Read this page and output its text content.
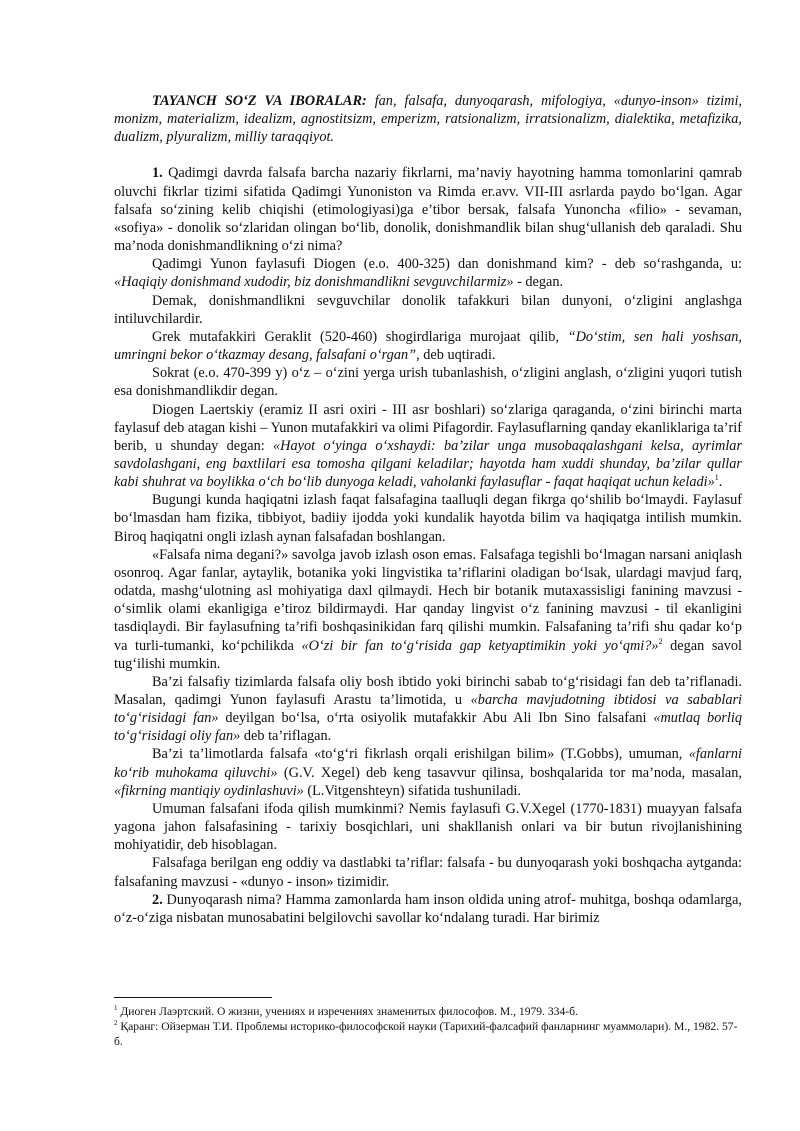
TAYANCH SO‘Z VA IBORALAR: fan, falsafa, dunyoqarash, mifologiya, «dunyo-inson» tizimi, monizm, materializm, idealizm, agnostitsizm, emperizm, ratsionalizm, irratsionalizm, dialektika, metafizika, dualizm, plyuralizm, milliy taraqqiyot.

1. Qadimgi davrda falsafa barcha nazariy fikrlarni, ma’naviy hayotning hamma tomonlarini qamrab oluvchi fikrlar tizimi sifatida Qadimgi Yunoniston va Rimda er.avv. VII-III asrlarda paydo bo‘lgan. Agar falsafa so‘zining kelib chiqishi (etimologiyasi)ga e’tibor bersak, falsafa Yunoncha «filio» - sevaman, «sofiya» - donolik so‘zlaridan olingan bo‘lib, donolik, donishmandlik bilan shug‘ullanish deb qaraladi. Shu ma’noda donishmandlikning o‘zi nima?

Qadimgi Yunon faylasufi Diogen (e.o. 400-325) dan donishmand kim? - deb so‘rashganda, u: «Haqiqiy donishmand xudodir, biz donishmandlikni sevguvchilarmiz» - degan.

Demak, donishmandlikni sevguvchilar donolik tafakkuri bilan dunyoni, o‘zligini anglashga intiluvchilardir.

Grek mutafakkiri Geraklit (520-460) shogirdlariga murojaat qilib, “Do‘stim, sen hali yoshsan, umringni bekor o‘tkazmay desang, falsafani o‘rgan”, deb uqtiradi.

Sokrat (e.o. 470-399 y) o‘z – o‘zini yerga urish tubanlashish, o‘zligini anglash, o‘zligini yuqori tutish esa donishmandlikdir degan.

Diogen Laertskiy (eramiz II asri oxiri - III asr boshlari) so‘zlariga qaraganda, o‘zini birinchi marta faylasuf deb atagan kishi – Yunon mutafakkiri va olimi Pifagordir. Faylasuflarning qanday ekanliklariga ta’rif berib, u shunday degan: «Hayot o‘yinga o‘xshaydi: ba’zilar unga musobaqalashgani kelsa, ayrimlar savdolashgani, eng baxtlilari esa tomosha qilgani keladilar; hayotda ham xuddi shunday, ba’zilar qullar kabi shuhrat va boylikka o‘ch bo‘lib dunyoga keladi, vaholanki faylasuflar - faqat haqiqat uchun keladi»$^1$.

Bugungi kunda haqiqatni izlash faqat falsafagina taalluqli degan fikrga qo‘shilib bo‘lmaydi. Faylasuf bo‘lmasdan ham fizika, tibbiyot, badiiy ijodda yoki kundalik hayotda bilim va haqiqatga intilish mumkin. Biroq haqiqatni ongli izlash aynan falsafadan boshlangan.

«Falsafa nima degani?» savolga javob izlash oson emas. Falsafaga tegishli bo‘lmagan narsani aniqlash osonroq. Agar fanlar, aytaylik, botanika yoki lingvistika ta’riflarini oladigan bo‘lsak, ulardagi mavjud farq, odatda, mashg‘ulotning asl mohiyatiga daxl qilmaydi. Hech bir botanik mutaxassisligi fanining mavzusi - o‘simlik olami ekanligiga e’tiroz bildirmaydi. Har qanday lingvist o‘z fanining mavzusi - til ekanligini tasdiqlaydi. Bir faylasufning ta’rifi boshqasinikidan farq qilishi mumkin. Falsafaning ta’rifi shu qadar ko‘p va turli-tumanki, ko‘pchilikda «O‘zi bir fan to‘g‘risida gap ketyaptimikin yoki yo‘qmi?»$^2$ degan savol tug‘ilishi mumkin.

Ba’zi falsafiy tizimlarda falsafa oliy bosh ibtido yoki birinchi sabab to‘g‘risidagi fan deb ta’riflanadi. Masalan, qadimgi Yunon faylasufi Arastu ta’limotida, u «barcha mavjudotning ibtidosi va sabablari to‘g‘risidagi fan» deyilgan bo‘lsa, o‘rta osiyolik mutafakkir Abu Ali Ibn Sino falsafani «mutlaq borliq to‘g‘risidagi oliy fan» deb ta’riflagan.

Ba’zi ta’limotlarda falsafa «to‘g‘ri fikrlash orqali erishilgan bilim» (T.Gobbs), umuman, «fanlarni ko‘rib muhokama qiluvchi» (G.V. Xegel) deb keng tasavvur qilinsa, boshqalarida tor ma’noda, masalan, «fikrning mantiqiy oydinlashuvi» (L.Vitgenshteyn) sifatida tushuniladi.

Umuman falsafani ifoda qilish mumkinmi? Nemis faylasufi G.V.Xegel (1770-1831) muayyan falsafa yagona jahon falsafasining - tarixiy bosqichlari, uni shakllanish onlari va bir butun rivojlanishining mohiyatidir, deb hisoblagan.

Falsafaga berilgan eng oddiy va dastlabki ta’riflar: falsafa - bu dunyoqarash yoki boshqacha aytganda: falsafaning mavzusi - «dunyo - inson» tizimidir.

2. Dunyoqarash nima? Hamma zamonlarda ham inson oldida uning atrof- muhitga, boshqa odamlarga, o‘z-o‘ziga nisbatan munosabatini belgilovchi savollar ko‘ndalang turadi. Har birimiz

$^1$ Диоген Лаэртский. О жизни, учениях и изречениях знаменитых философов. М., 1979. 334-б.

$^2$ Қаранг: Ойзерман Т.И. Проблемы историко-философской науки (Тарихий-фалсафий фанларнинг муаммолари). М., 1982. 57-б.
